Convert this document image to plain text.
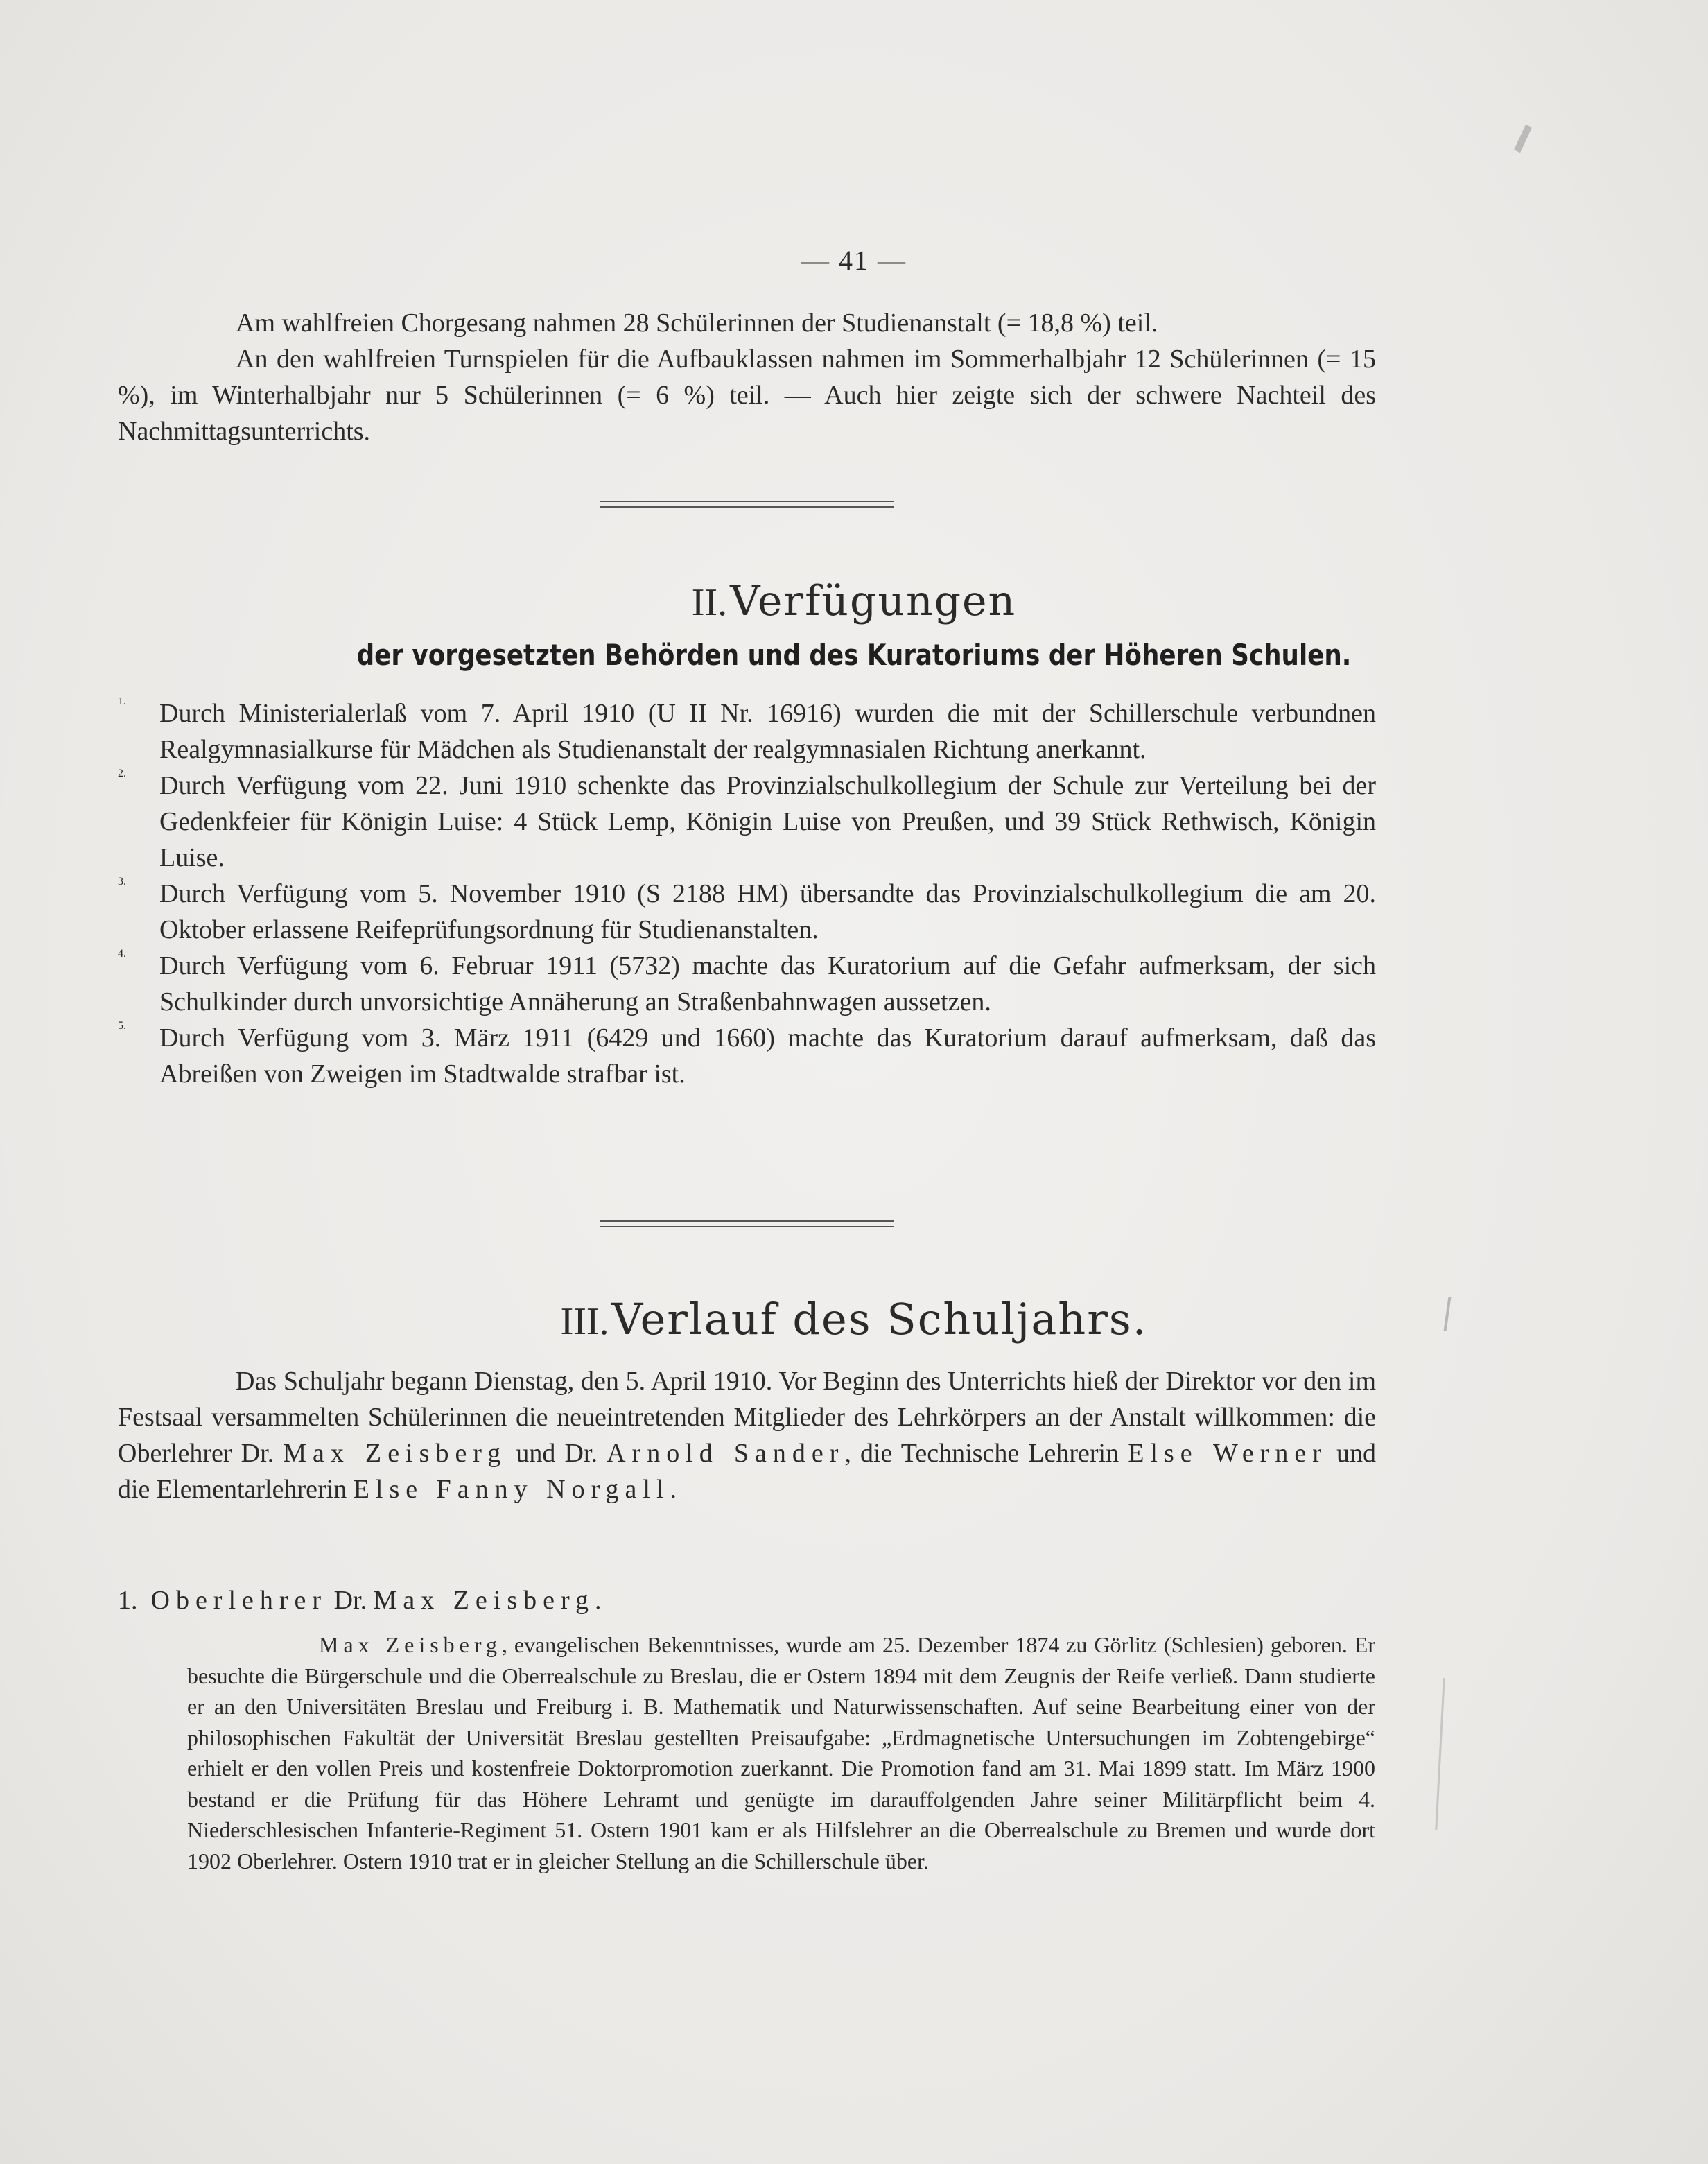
— 41 —

Am wahlfreien Chorgesang nahmen 28 Schülerinnen der Studienanstalt (= 18,8 %) teil.

An den wahlfreien Turnspielen für die Aufbauklassen nahmen im Sommerhalbjahr 12 Schülerinnen (= 15 %), im Winterhalbjahr nur 5 Schülerinnen (= 6 %) teil. — Auch hier zeigte sich der schwere Nachteil des Nachmittagsunterrichts.

II. Verfügungen
der vorgesetzten Behörden und des Kuratoriums der Höheren Schulen.
1. Durch Ministerialerlaß vom 7. April 1910 (U II Nr. 16916) wurden die mit der Schillerschule verbundnen Realgymnasialkurse für Mädchen als Studienanstalt der realgymnasialen Richtung anerkannt.

2. Durch Verfügung vom 22. Juni 1910 schenkte das Provinzialschulkollegium der Schule zur Verteilung bei der Gedenkfeier für Königin Luise: 4 Stück Lemp, Königin Luise von Preußen, und 39 Stück Rethwisch, Königin Luise.

3. Durch Verfügung vom 5. November 1910 (S 2188 HM) übersandte das Provinzialschulkollegium die am 20. Oktober erlassene Reifeprüfungsordnung für Studienanstalten.

4. Durch Verfügung vom 6. Februar 1911 (5732) machte das Kuratorium auf die Gefahr aufmerksam, der sich Schulkinder durch unvorsichtige Annäherung an Straßenbahnwagen aussetzen.

5. Durch Verfügung vom 3. März 1911 (6429 und 1660) machte das Kuratorium darauf aufmerksam, daß das Abreißen von Zweigen im Stadtwalde strafbar ist.

III. Verlauf des Schuljahrs.

Das Schuljahr begann Dienstag, den 5. April 1910. Vor Beginn des Unterrichts hieß der Direktor vor den im Festsaal versammelten Schülerinnen die neueintretenden Mitglieder des Lehrkörpers an der Anstalt willkommen: die Oberlehrer Dr. Max Zeisberg und Dr. Arnold Sander, die Technische Lehrerin Else Werner und die Elementarlehrerin Else Fanny Norgall.

1. Oberlehrer Dr. Max Zeisberg.

Max Zeisberg, evangelischen Bekenntnisses, wurde am 25. Dezember 1874 zu Görlitz (Schlesien) geboren. Er besuchte die Bürgerschule und die Oberrealschule zu Breslau, die er Ostern 1894 mit dem Zeugnis der Reife verließ. Dann studierte er an den Universitäten Breslau und Freiburg i. B. Mathematik und Naturwissenschaften. Auf seine Bearbeitung einer von der philosophischen Fakultät der Universität Breslau gestellten Preisaufgabe: „Erdmagnetische Untersuchungen im Zobtengebirge“ erhielt er den vollen Preis und kostenfreie Doktorpromotion zuerkannt. Die Promotion fand am 31. Mai 1899 statt. Im März 1900 bestand er die Prüfung für das Höhere Lehramt und genügte im darauffolgenden Jahre seiner Militärpflicht beim 4. Niederschlesischen Infanterie-Regiment 51. Ostern 1901 kam er als Hilfslehrer an die Oberrealschule zu Bremen und wurde dort 1902 Oberlehrer. Ostern 1910 trat er in gleicher Stellung an die Schillerschule über.
